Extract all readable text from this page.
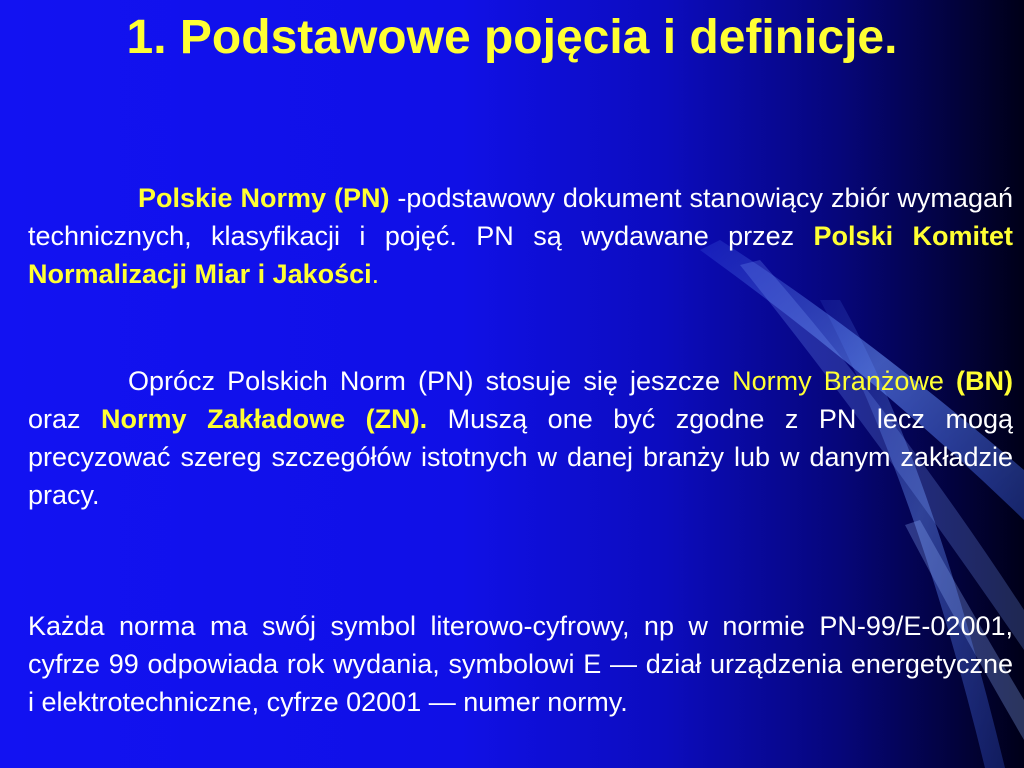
1. Podstawowe pojęcia i definicje.

Polskie Normy (PN) -podstawowy dokument stanowiący zbiór wymagań technicznych, klasyfikacji i pojęć. PN są wydawane przez Polski Komitet Normalizacji Miar i Jakości.

Oprócz Polskich Norm (PN) stosuje się jeszcze Normy Branżowe (BN) oraz Normy Zakładowe (ZN). Muszą one być zgodne z PN lecz mogą precyzować szereg szczegółów istotnych w danej branży lub w danym zakładzie pracy.

Każda norma ma swój symbol literowo-cyfrowy, np w normie PN-99/E-02001, cyfrze 99 odpowiada rok wydania, symbolowi E — dział urządzenia energetyczne i elektrotechniczne, cyfrze 02001 — numer normy.
